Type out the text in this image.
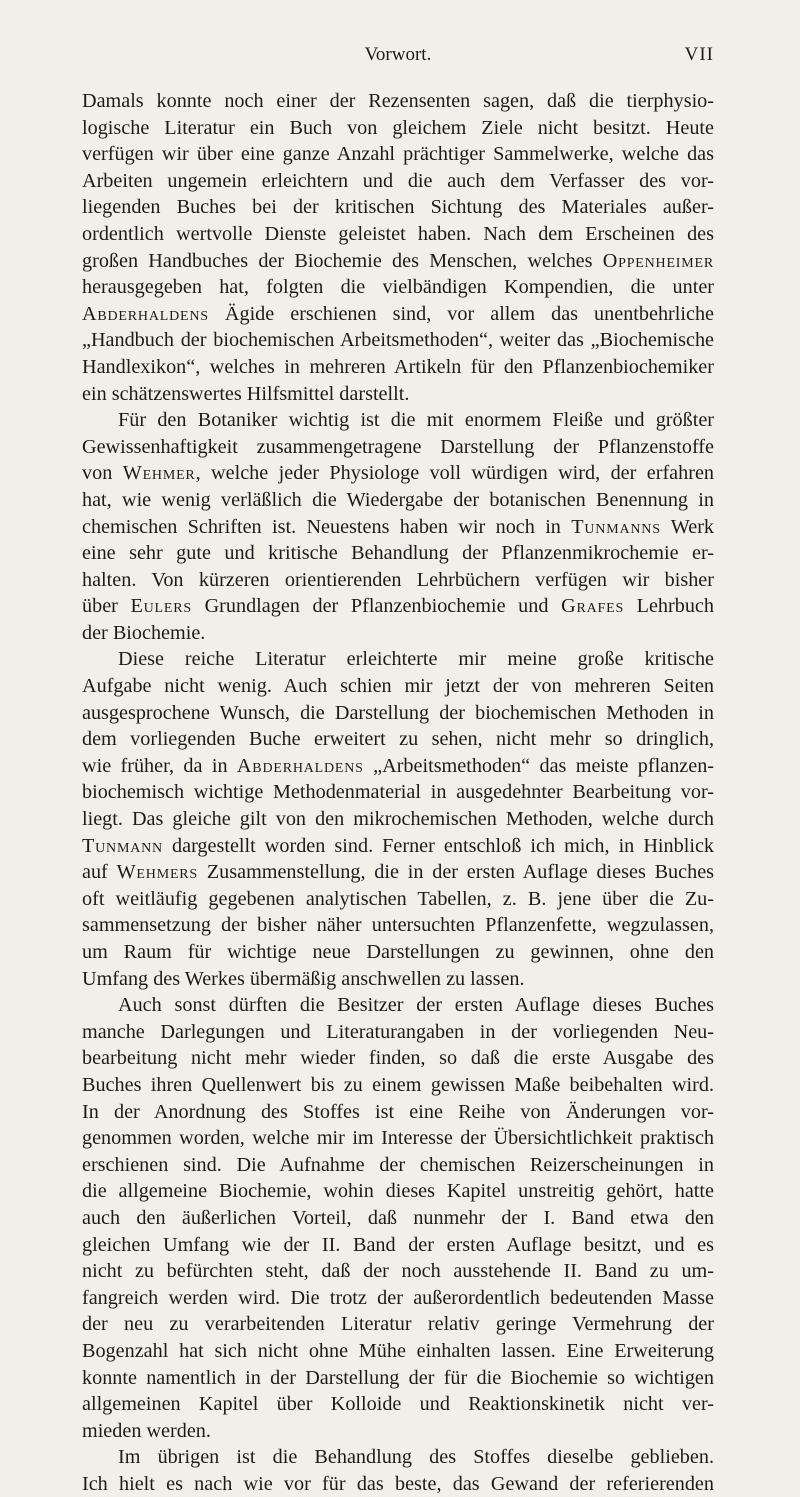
Vorwort.	VII
Damals konnte noch einer der Rezensenten sagen, daß die tierphysio-
logische Literatur ein Buch von gleichem Ziele nicht besitzt. Heute
verfügen wir über eine ganze Anzahl prächtiger Sammelwerke, welche das
Arbeiten ungemein erleichtern und die auch dem Verfasser des vor-
liegenden Buches bei der kritischen Sichtung des Materiales außer-
ordentlich wertvolle Dienste geleistet haben. Nach dem Erscheinen des
großen Handbuches der Biochemie des Menschen, welches Oppenheimer
herausgegeben hat, folgten die vielbändigen Kompendien, die unter
Abderhaldens Ägide erschienen sind, vor allem das unentbehrliche
„Handbuch der biochemischen Arbeitsmethoden“, weiter das „Biochemische
Handlexikon“, welches in mehreren Artikeln für den Pflanzenbiochemiker
ein schätzenswertes Hilfsmittel darstellt.
Für den Botaniker wichtig ist die mit enormem Fleiße und größter
Gewissenhaftigkeit zusammengetragene Darstellung der Pflanzenstoffe
von Wehmer, welche jeder Physiologe voll würdigen wird, der erfahren
hat, wie wenig verläßlich die Wiedergabe der botanischen Benennung in
chemischen Schriften ist. Neuestens haben wir noch in Tunmanns Werk
eine sehr gute und kritische Behandlung der Pflanzenmikrochemie er-
halten. Von kürzeren orientierenden Lehrbüchern verfügen wir bisher
über Eulers Grundlagen der Pflanzenbiochemie und Grafes Lehrbuch
der Biochemie.
Diese reiche Literatur erleichterte mir meine große kritische
Aufgabe nicht wenig. Auch schien mir jetzt der von mehreren Seiten
ausgesprochene Wunsch, die Darstellung der biochemischen Methoden in
dem vorliegenden Buche erweitert zu sehen, nicht mehr so dringlich,
wie früher, da in Abderhaldens „Arbeitsmethoden“ das meiste pflanzen-
biochemisch wichtige Methodenmaterial in ausgedehnter Bearbeitung vor-
liegt. Das gleiche gilt von den mikrochemischen Methoden, welche durch
Tunmann dargestellt worden sind. Ferner entschloß ich mich, in Hinblick
auf Wehmers Zusammenstellung, die in der ersten Auflage dieses Buches
oft weitläufig gegebenen analytischen Tabellen, z. B. jene über die Zu-
sammensetzung der bisher näher untersuchten Pflanzenfette, wegzulassen,
um Raum für wichtige neue Darstellungen zu gewinnen, ohne den
Umfang des Werkes übermäßig anschwellen zu lassen.
Auch sonst dürften die Besitzer der ersten Auflage dieses Buches
manche Darlegungen und Literaturangaben in der vorliegenden Neu-
bearbeitung nicht mehr wieder finden, so daß die erste Ausgabe des
Buches ihren Quellenwert bis zu einem gewissen Maße beibehalten wird.
In der Anordnung des Stoffes ist eine Reihe von Änderungen vor-
genommen worden, welche mir im Interesse der Übersichtlichkeit praktisch
erschienen sind. Die Aufnahme der chemischen Reizerscheinungen in
die allgemeine Biochemie, wohin dieses Kapitel unstreitig gehört, hatte
auch den äußerlichen Vorteil, daß nunmehr der I. Band etwa den
gleichen Umfang wie der II. Band der ersten Auflage besitzt, und es
nicht zu befürchten steht, daß der noch ausstehende II. Band zu um-
fangreich werden wird. Die trotz der außerordentlich bedeutenden Masse
der neu zu verarbeitenden Literatur relativ geringe Vermehrung der
Bogenzahl hat sich nicht ohne Mühe einhalten lassen. Eine Erweiterung
konnte namentlich in der Darstellung der für die Biochemie so wichtigen
allgemeinen Kapitel über Kolloide und Reaktionskinetik nicht ver-
mieden werden.
Im übrigen ist die Behandlung des Stoffes dieselbe geblieben.
Ich hielt es nach wie vor für das beste, das Gewand der referierenden
